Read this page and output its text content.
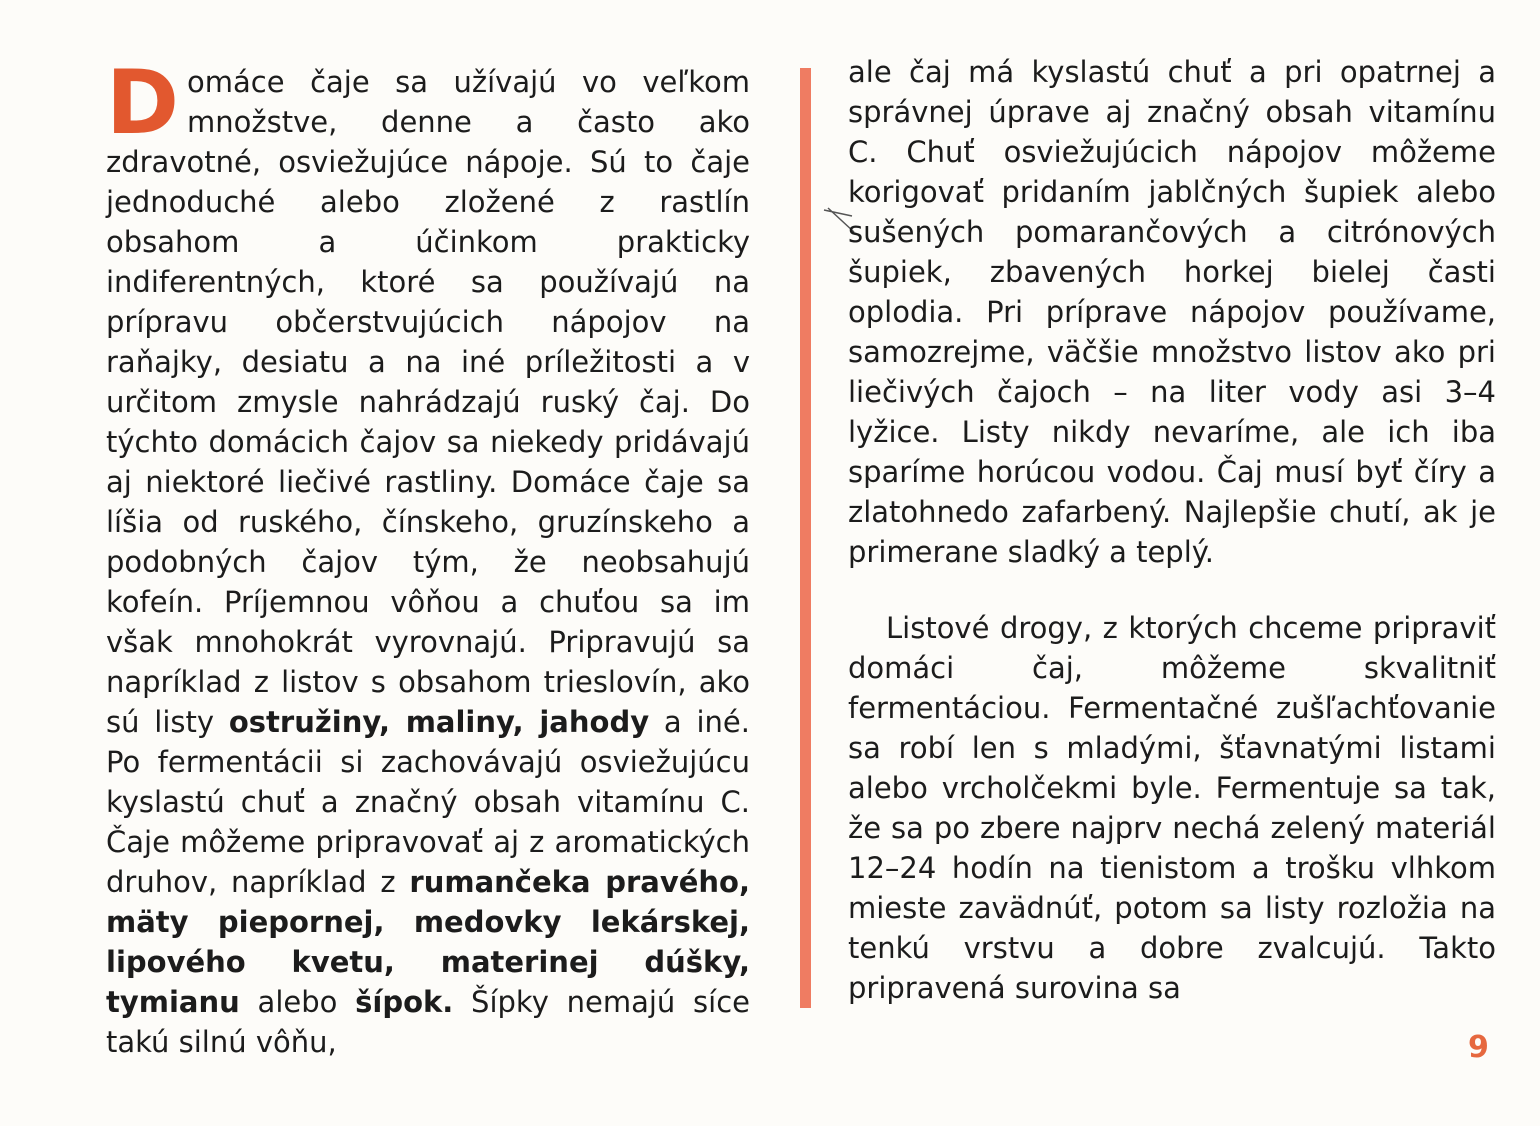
Domáce čaje sa užívajú vo veľkom množstve, denne a často ako zdravotné, osviežujúce nápoje. Sú to čaje jednoduché alebo zložené z rastlín obsahom a účinkom prakticky indiferentných, ktoré sa používajú na prípravu občerstvujúcich nápojov na raňajky, desiatu a na iné príležitosti a v určitom zmysle nahrádzajú ruský čaj. Do týchto domácich čajov sa niekedy pridávajú aj niektoré liečivé rastliny. Domáce čaje sa líšia od ruského, čínskeho, gruzínskeho a podobných čajov tým, že neobsahujú kofeín. Príjemnou vôňou a chuťou sa im však mnohokrát vyrovnajú. Pripravujú sa napríklad z listov s obsahom trieslovín, ako sú listy ostružiny, maliny, jahody a iné. Po fermentácii si zachovávajú osviežujúcu kyslastú chuť a značný obsah vitamínu C. Čaje môžeme pripravovať aj z aromatických druhov, napríklad z rumančeka pravého, mäty piepornej, medovky lekárskej, lipového kvetu, materinej dúšky, tymianu alebo šípok. Šípky nemajú síce takú silnú vôňu,

ale čaj má kyslastú chuť a pri opatrnej a správnej úprave aj značný obsah vitamínu C. Chuť osviežujúcich nápojov môžeme korigovať pridaním jablčných šupiek alebo sušených pomarančových a citrónových šupiek, zbavených horkej bielej časti oplodia. Pri príprave nápojov používame, samozrejme, väčšie množstvo listov ako pri liečivých čajoch – na liter vody asi 3–4 lyžice. Listy nikdy nevaríme, ale ich iba sparíme horúcou vodou. Čaj musí byť číry a zlatohnedo zafarbený. Najlepšie chutí, ak je primerane sladký a teplý.

Listové drogy, z ktorých chceme pripraviť domáci čaj, môžeme skvalitniť fermentáciou. Fermentačné zušľachťovanie sa robí len s mladými, šťavnatými listami alebo vrcholčekmi byle. Fermentuje sa tak, že sa po zbere najprv nechá zelený materiál 12–24 hodín na tienistom a trošku vlhkom mieste zavädnúť, potom sa listy rozložia na tenkú vrstvu a dobre zvalcujú. Takto pripravená surovina sa

9
